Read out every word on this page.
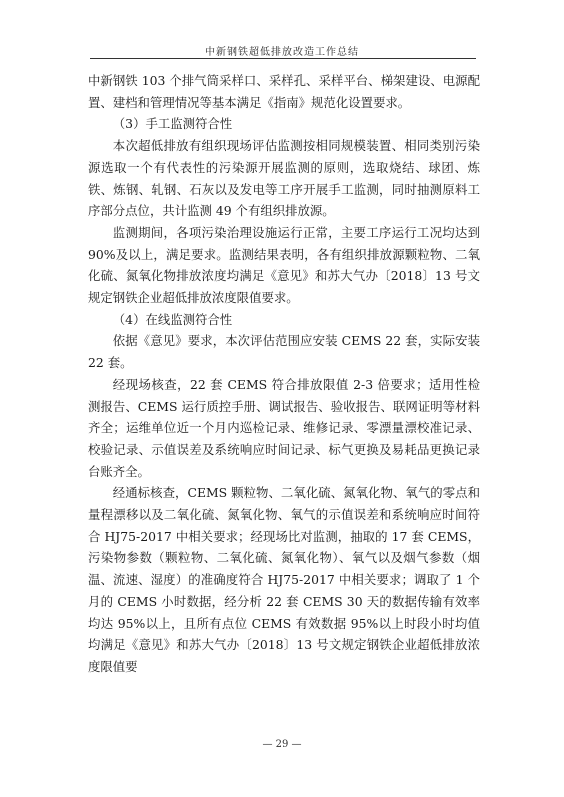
中新钢铁超低排放改造工作总结

中新钢铁 103 个排气筒采样口、采样孔、采样平台、梯架建设、电源配置、建档和管理情况等基本满足《指南》规范化设置要求。

（3）手工监测符合性

本次超低排放有组织现场评估监测按相同规模装置、相同类别污染源选取一个有代表性的污染源开展监测的原则，选取烧结、球团、炼铁、炼钢、轧钢、石灰以及发电等工序开展手工监测，同时抽测原料工序部分点位，共计监测 49 个有组织排放源。

监测期间，各项污染治理设施运行正常，主要工序运行工况均达到 90%及以上，满足要求。监测结果表明，各有组织排放源颗粒物、二氧化硫、氮氧化物排放浓度均满足《意见》和苏大气办〔2018〕13 号文规定钢铁企业超低排放浓度限值要求。

（4）在线监测符合性

依据《意见》要求，本次评估范围应安装 CEMS 22 套，实际安装 22 套。

经现场核查，22 套 CEMS 符合排放限值 2-3 倍要求；适用性检测报告、CEMS 运行质控手册、调试报告、验收报告、联网证明等材料齐全；运维单位近一个月内巡检记录、维修记录、零漂量漂校准记录、校验记录、示值误差及系统响应时间记录、标气更换及易耗品更换记录台账齐全。

经通标核查，CEMS 颗粒物、二氧化硫、氮氧化物、氧气的零点和量程漂移以及二氧化硫、氮氧化物、氧气的示值误差和系统响应时间符合 HJ75-2017 中相关要求；经现场比对监测，抽取的 17 套 CEMS，污染物参数（颗粒物、二氧化硫、氮氧化物）、氧气以及烟气参数（烟温、流速、湿度）的准确度符合 HJ75-2017 中相关要求；调取了 1 个月的 CEMS 小时数据，经分析 22 套 CEMS 30 天的数据传输有效率均达 95%以上，且所有点位 CEMS 有效数据 95%以上时段小时均值均满足《意见》和苏大气办〔2018〕13 号文规定钢铁企业超低排放浓度限值要

— 29 —
